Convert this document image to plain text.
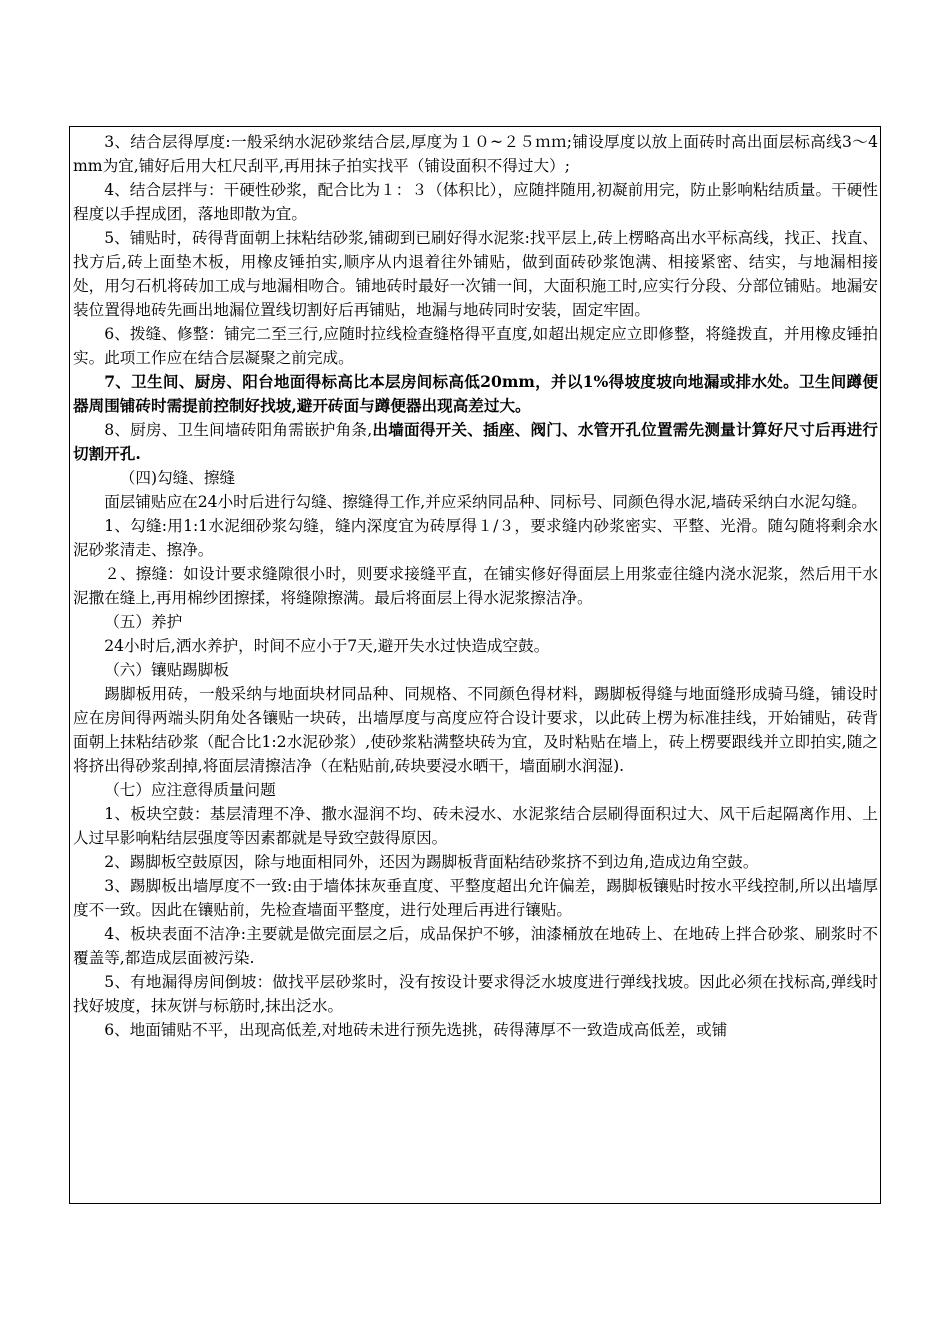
3、结合层得厚度:一般采纳水泥砂浆结合层,厚度为１０~２５ｍｍ;铺设厚度以放上面砖时高出面层标高线3～4mm为宜,铺好后用大杠尺刮平,再用抹子拍实找平（铺设面积不得过大）;

4、结合层拌与：干硬性砂浆，配合比为１：３（体积比），应随拌随用,初凝前用完，防止影响粘结质量。干硬性程度以手捏成团，落地即散为宜。

5、铺贴时，砖得背面朝上抹粘结砂浆,铺砌到已刷好得水泥浆:找平层上,砖上楞略高出水平标高线，找正、找直、找方后,砖上面垫木板，用橡皮锤拍实,顺序从内退着往外铺贴，做到面砖砂浆饱满、相接紧密、结实，与地漏相接处，用匀石机将砖加工成与地漏相吻合。铺地砖时最好一次铺一间，大面积施工时,应实行分段、分部位铺贴。地漏安装位置得地砖先画出地漏位置线切割好后再铺贴，地漏与地砖同时安装，固定牢固。

6、拨缝、修整：铺完二至三行,应随时拉线检查缝格得平直度,如超出规定应立即修整，将缝拨直，并用橡皮锤拍实。此项工作应在结合层凝聚之前完成。

7、卫生间、厨房、阳台地面得标高比本层房间标高低20mm，并以1%得坡度坡向地漏或排水处。卫生间蹲便器周围铺砖时需提前控制好找坡,避开砖面与蹲便器出现高差过大。

8、厨房、卫生间墙砖阳角需嵌护角条,出墙面得开关、插座、阀门、水管开孔位置需先测量计算好尺寸后再进行切割开孔.

（四)勾缝、擦缝

面层铺贴应在24小时后进行勾缝、擦缝得工作,并应采纳同品种、同标号、同颜色得水泥,墙砖采纳白水泥勾缝。

1、勾缝:用1:1水泥细砂浆勾缝，缝内深度宜为砖厚得１/３，要求缝内砂浆密实、平整、光滑。随勾随将剩余水泥砂浆清走、擦净。

２、擦缝：如设计要求缝隙很小时，则要求接缝平直，在铺实修好得面层上用浆壶往缝内浇水泥浆，然后用干水泥撒在缝上,再用棉纱团擦揉，将缝隙擦满。最后将面层上得水泥浆擦洁净。

（五）养护

24小时后,洒水养护，时间不应小于7天,避开失水过快造成空鼓。

（六）镶贴踢脚板

踢脚板用砖，一般采纳与地面块材同品种、同规格、不同颜色得材料，踢脚板得缝与地面缝形成骑马缝，铺设时应在房间得两端头阴角处各镶贴一块砖，出墙厚度与高度应符合设计要求，以此砖上楞为标准挂线，开始铺贴，砖背面朝上抹粘结砂浆（配合比1:2水泥砂浆）,使砂浆粘满整块砖为宜，及时粘贴在墙上，砖上楞要跟线并立即拍实,随之将挤出得砂浆刮掉,将面层清擦洁净（在粘贴前,砖块要浸水晒干，墙面刷水润湿).

（七）应注意得质量问题

1、板块空鼓：基层清理不净、撒水湿润不均、砖未浸水、水泥浆结合层刷得面积过大、风干后起隔离作用、上人过早影响粘结层强度等因素都就是导致空鼓得原因。

2、踢脚板空鼓原因，除与地面相同外，还因为踢脚板背面粘结砂浆挤不到边角,造成边角空鼓。

3、踢脚板出墙厚度不一致:由于墙体抹灰垂直度、平整度超出允许偏差，踢脚板镶贴时按水平线控制,所以出墙厚度不一致。因此在镶贴前，先检查墙面平整度，进行处理后再进行镶贴。

4、板块表面不洁净:主要就是做完面层之后，成品保护不够，油漆桶放在地砖上、在地砖上拌合砂浆、刷浆时不覆盖等,都造成层面被污染.

5、有地漏得房间倒坡：做找平层砂浆时，没有按设计要求得泛水坡度进行弹线找坡。因此必须在找标高,弹线时找好坡度，抹灰饼与标筋时,抹出泛水。

6、地面铺贴不平，出现高低差,对地砖未进行预先选挑，砖得薄厚不一致造成高低差，或铺
